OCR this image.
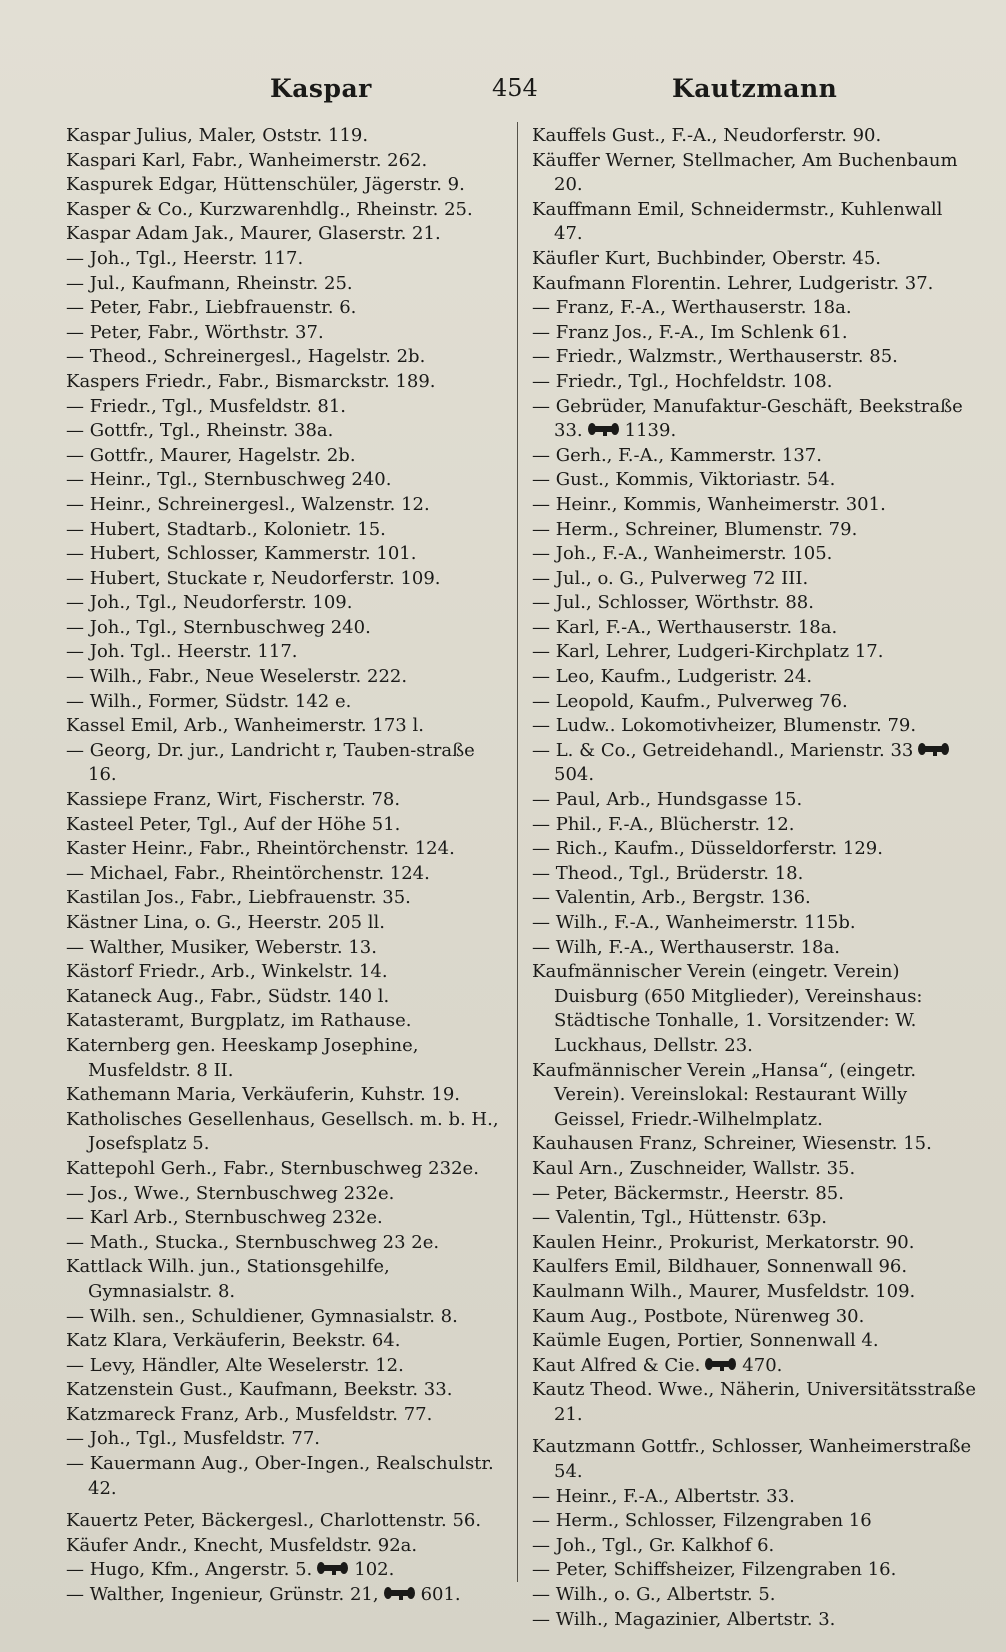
Kaspar	454	Kautzmann

Kaspar Julius, Maler, Oststr. 119.

Kaspari Karl, Fabr., Wanheimerstr. 262.

Kaspurek Edgar, Hüttenschüler, Jägerstr. 9.

Kasper & Co., Kurzwarenhdlg., Rheinstr. 25.

Kaspar Adam Jak., Maurer, Glaserstr. 21.

— Joh., Tgl., Heerstr. 117.

— Jul., Kaufmann, Rheinstr. 25.

— Peter, Fabr., Liebfrauenstr. 6.

— Peter, Fabr., Wörthstr. 37.

— Theod., Schreinergesl., Hagelstr. 2b.

Kaspers Friedr., Fabr., Bismarckstr. 189.

— Friedr., Tgl., Musfeldstr. 81.

— Gottfr., Tgl., Rheinstr. 38a.

— Gottfr., Maurer, Hagelstr. 2b.

— Heinr., Tgl., Sternbuschweg 240.

— Heinr., Schreinergesl., Walzenstr. 12.

— Hubert, Stadtarb., Kolonietr. 15.

— Hubert, Schlosser, Kammerstr. 101.

— Hubert, Stuckate r, Neudorferstr. 109.

— Joh., Tgl., Neudorferstr. 109.

— Joh., Tgl., Sternbuschweg 240.

— Joh. Tgl.. Heerstr. 117.

— Wilh., Fabr., Neue Weselerstr. 222.

— Wilh., Former, Südstr. 142 e.

Kassel Emil, Arb., Wanheimerstr. 173 l.

— Georg, Dr. jur., Landricht r, Tauben-straße 16.

Kassiepe Franz, Wirt, Fischerstr. 78.

Kasteel Peter, Tgl., Auf der Höhe 51.

Kaster Heinr., Fabr., Rheintörchenstr. 124.

— Michael, Fabr., Rheintörchenstr. 124.

Kastilan Jos., Fabr., Liebfrauenstr. 35.

Kästner Lina, o. G., Heerstr. 205 ll.

— Walther, Musiker, Weberstr. 13.

Kästorf Friedr., Arb., Winkelstr. 14.

Kataneck Aug., Fabr., Südstr. 140 l.

Katasteramt, Burgplatz, im Rathause.

Katernberg gen. Heeskamp Josephine, Musfeldstr. 8 II.

Kathemann Maria, Verkäuferin, Kuhstr. 19.

Katholisches Gesellenhaus, Gesellsch. m. b. H., Josefsplatz 5.

Kattepohl Gerh., Fabr., Sternbuschweg 232e.

— Jos., Wwe., Sternbuschweg 232e.

— Karl Arb., Sternbuschweg 232e.

— Math., Stucka., Sternbuschweg 23 2e.

Kattlack Wilh. jun., Stationsgehilfe, Gymnasialstr. 8.

— Wilh. sen., Schuldiener, Gymnasialstr. 8.

Katz Klara, Verkäuferin, Beekstr. 64.

— Levy, Händler, Alte Weselerstr. 12.

Katzenstein Gust., Kaufmann, Beekstr. 33.

Katzmareck Franz, Arb., Musfeldstr. 77.

— Joh., Tgl., Musfeldstr. 77.

— Kauermann Aug., Ober-Ingen., Realschulstr. 42.

Kauertz Peter, Bäckergesl., Charlottenstr. 56.

Käufer Andr., Knecht, Musfeldstr. 92a.

— Hugo, Kfm., Angerstr. 5. 102.

— Walther, Ingenieur, Grünstr. 21, 601.

Kauffels Gust., F.-A., Neudorferstr. 90.

Käuffer Werner, Stellmacher, Am Buchenbaum 20.

Kauffmann Emil, Schneidermstr., Kuhlenwall 47.

Käufler Kurt, Buchbinder, Oberstr. 45.

Kaufmann Florentin. Lehrer, Ludgeristr. 37.

— Franz, F.-A., Werthauserstr. 18a.

— Franz Jos., F.-A., Im Schlenk 61.

— Friedr., Walzmstr., Werthauserstr. 85.

— Friedr., Tgl., Hochfeldstr. 108.

— Gebrüder, Manufaktur-Geschäft, Beekstraße 33. 1139.

— Gerh., F.-A., Kammerstr. 137.

— Gust., Kommis, Viktoriastr. 54.

— Heinr., Kommis, Wanheimerstr. 301.

— Herm., Schreiner, Blumenstr. 79.

— Joh., F.-A., Wanheimerstr. 105.

— Jul., o. G., Pulverweg 72 III.

— Jul., Schlosser, Wörthstr. 88.

— Karl, F.-A., Werthauserstr. 18a.

— Karl, Lehrer, Ludgeri-Kirchplatz 17.

— Leo, Kaufm., Ludgeristr. 24.

— Leopold, Kaufm., Pulverweg 76.

— Ludw.. Lokomotivheizer, Blumenstr. 79.

— L. & Co., Getreidehandl., Marienstr. 33504.

— Paul, Arb., Hundsgasse 15.

— Phil., F.-A., Blücherstr. 12.

— Rich., Kaufm., Düsseldorferstr. 129.

— Theod., Tgl., Brüderstr. 18.

— Valentin, Arb., Bergstr. 136.

— Wilh., F.-A., Wanheimerstr. 115b.

— Wilh, F.-A., Werthauserstr. 18a.

Kaufmännischer Verein (eingetr. Verein) Duisburg (650 Mitglieder), Vereinshaus: Städtische Tonhalle, 1. Vorsitzender: W. Luckhaus, Dellstr. 23.

Kaufmännischer Verein „Hansa“, (eingetr. Verein). Vereinslokal: Restaurant Willy Geissel, Friedr.-Wilhelmplatz.

Kauhausen Franz, Schreiner, Wiesenstr. 15.

Kaul Arn., Zuschneider, Wallstr. 35.

— Peter, Bäckermstr., Heerstr. 85.

— Valentin, Tgl., Hüttenstr. 63p.

Kaulen Heinr., Prokurist, Merkatorstr. 90.

Kaulfers Emil, Bildhauer, Sonnenwall 96.

Kaulmann Wilh., Maurer, Musfeldstr. 109.

Kaum Aug., Postbote, Nürenweg 30.

Kaümle Eugen, Portier, Sonnenwall 4.

Kaut Alfred & Cie. 470.

Kautz Theod. Wwe., Näherin, Universitätsstraße 21.

Kautzmann Gottfr., Schlosser, Wanheimerstraße 54.

— Heinr., F.-A., Albertstr. 33.

— Herm., Schlosser, Filzengraben 16

— Joh., Tgl., Gr. Kalkhof 6.

— Peter, Schiffsheizer, Filzengraben 16.

— Wilh., o. G., Albertstr. 5.

— Wilh., Magazinier, Albertstr. 3.
